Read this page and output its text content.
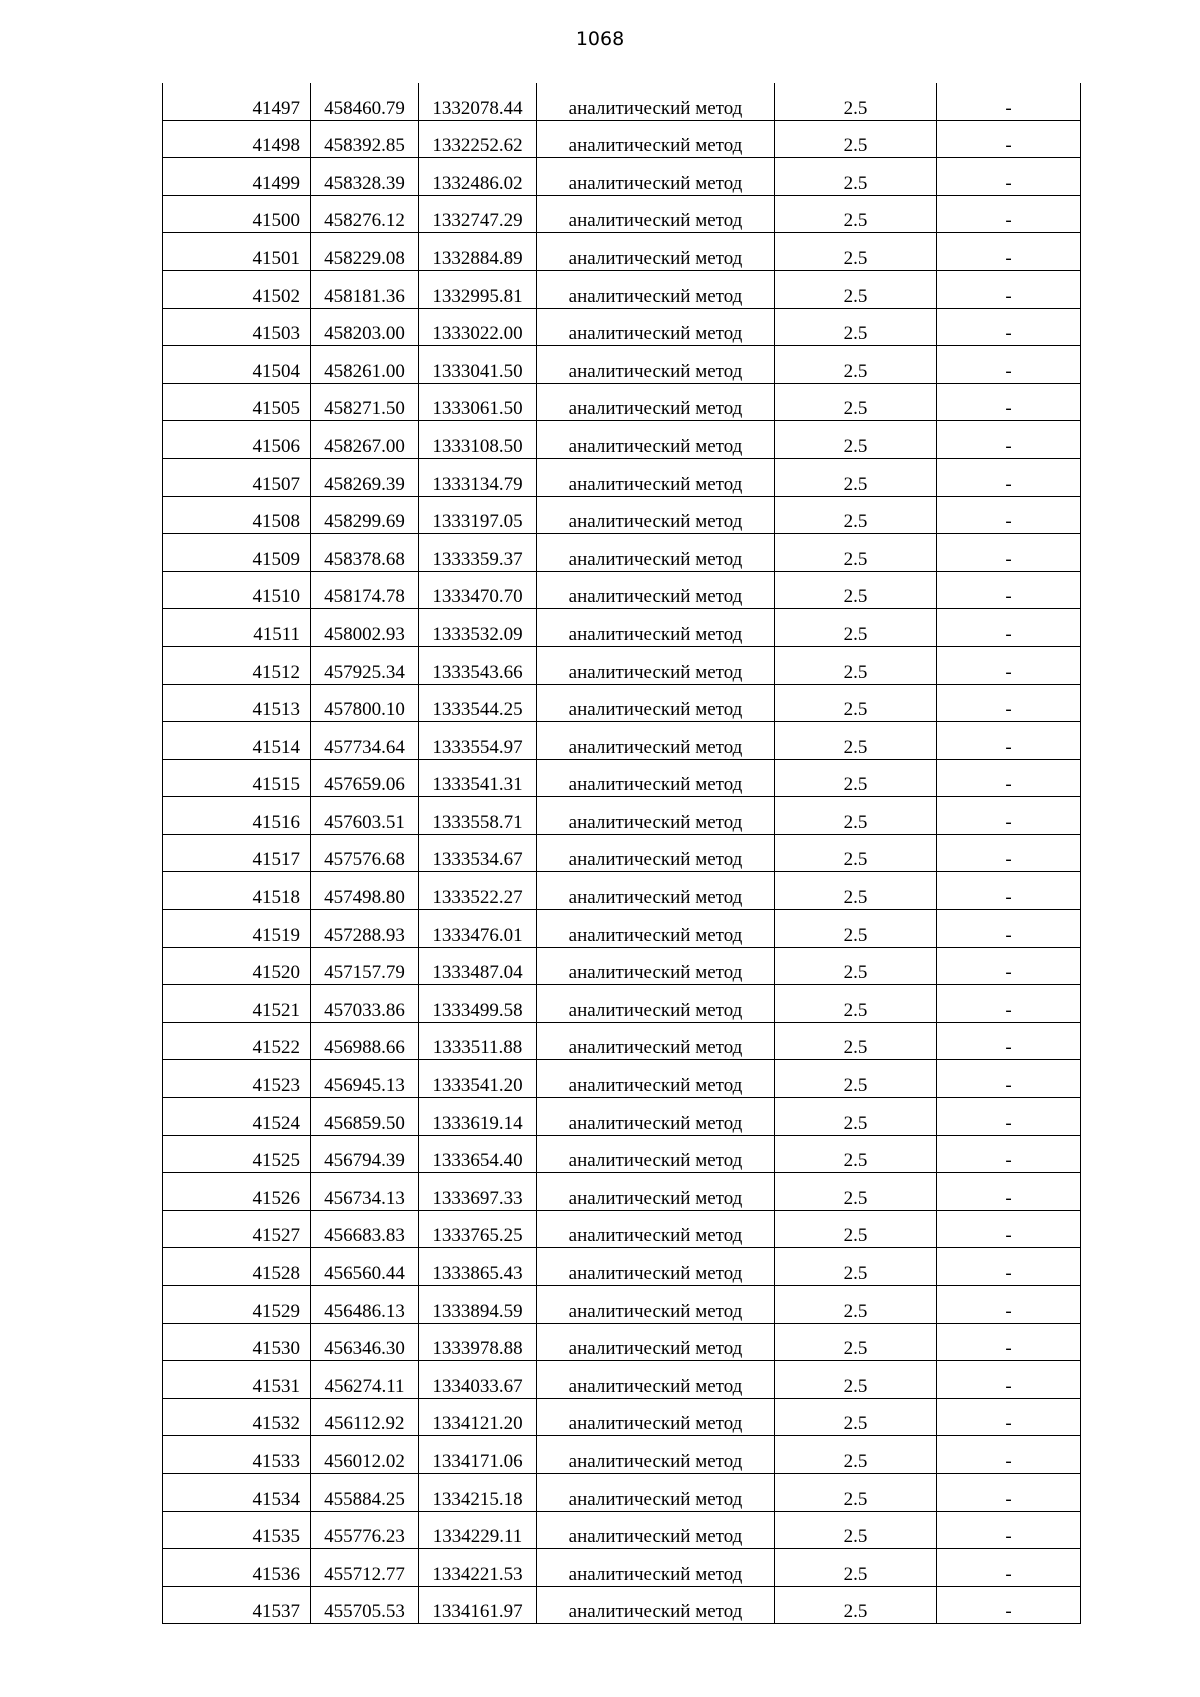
1068
41497	458460.79	1332078.44	аналитический метод	2.5	-

41498	458392.85	1332252.62	аналитический метод	2.5	-

41499	458328.39	1332486.02	аналитический метод	2.5	-

41500	458276.12	1332747.29	аналитический метод	2.5	-

41501	458229.08	1332884.89	аналитический метод	2.5	-

41502	458181.36	1332995.81	аналитический метод	2.5	-

41503	458203.00	1333022.00	аналитический метод	2.5	-

41504	458261.00	1333041.50	аналитический метод	2.5	-

41505	458271.50	1333061.50	аналитический метод	2.5	-

41506	458267.00	1333108.50	аналитический метод	2.5	-

41507	458269.39	1333134.79	аналитический метод	2.5	-

41508	458299.69	1333197.05	аналитический метод	2.5	-

41509	458378.68	1333359.37	аналитический метод	2.5	-

41510	458174.78	1333470.70	аналитический метод	2.5	-

41511	458002.93	1333532.09	аналитический метод	2.5	-

41512	457925.34	1333543.66	аналитический метод	2.5	-

41513	457800.10	1333544.25	аналитический метод	2.5	-

41514	457734.64	1333554.97	аналитический метод	2.5	-

41515	457659.06	1333541.31	аналитический метод	2.5	-

41516	457603.51	1333558.71	аналитический метод	2.5	-

41517	457576.68	1333534.67	аналитический метод	2.5	-

41518	457498.80	1333522.27	аналитический метод	2.5	-

41519	457288.93	1333476.01	аналитический метод	2.5	-

41520	457157.79	1333487.04	аналитический метод	2.5	-

41521	457033.86	1333499.58	аналитический метод	2.5	-

41522	456988.66	1333511.88	аналитический метод	2.5	-

41523	456945.13	1333541.20	аналитический метод	2.5	-

41524	456859.50	1333619.14	аналитический метод	2.5	-

41525	456794.39	1333654.40	аналитический метод	2.5	-

41526	456734.13	1333697.33	аналитический метод	2.5	-

41527	456683.83	1333765.25	аналитический метод	2.5	-

41528	456560.44	1333865.43	аналитический метод	2.5	-

41529	456486.13	1333894.59	аналитический метод	2.5	-

41530	456346.30	1333978.88	аналитический метод	2.5	-

41531	456274.11	1334033.67	аналитический метод	2.5	-

41532	456112.92	1334121.20	аналитический метод	2.5	-

41533	456012.02	1334171.06	аналитический метод	2.5	-

41534	455884.25	1334215.18	аналитический метод	2.5	-

41535	455776.23	1334229.11	аналитический метод	2.5	-

41536	455712.77	1334221.53	аналитический метод	2.5	-

41537	455705.53	1334161.97	аналитический метод	2.5	-
